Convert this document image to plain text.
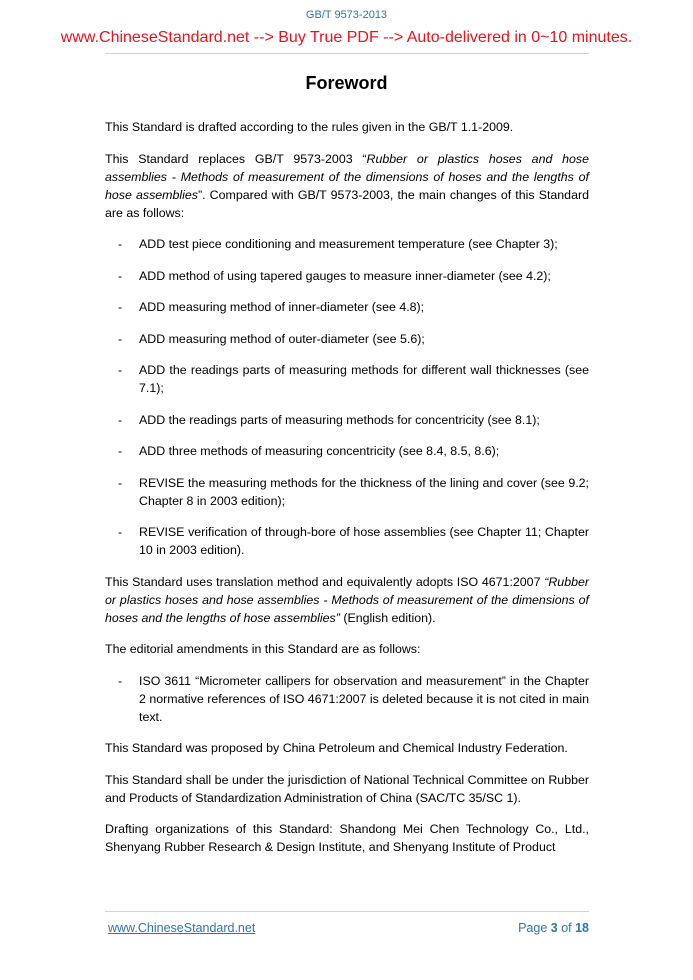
GB/T 9573-2013
www.ChineseStandard.net --> Buy True PDF --> Auto-delivered in 0~10 minutes.
Foreword

This Standard is drafted according to the rules given in the GB/T 1.1-2009.

This Standard replaces GB/T 9573-2003 “Rubber or plastics hoses and hose assemblies - Methods of measurement of the dimensions of hoses and the lengths of hose assemblies”. Compared with GB/T 9573-2003, the main changes of this Standard are as follows:

- ADD test piece conditioning and measurement temperature (see Chapter 3);
- ADD method of using tapered gauges to measure inner-diameter (see 4.2);
- ADD measuring method of inner-diameter (see 4.8);
- ADD measuring method of outer-diameter (see 5.6);
- ADD the readings parts of measuring methods for different wall thicknesses (see 7.1);
- ADD the readings parts of measuring methods for concentricity (see 8.1);
- ADD three methods of measuring concentricity (see 8.4, 8.5, 8.6);
- REVISE the measuring methods for the thickness of the lining and cover (see 9.2; Chapter 8 in 2003 edition);
- REVISE verification of through-bore of hose assemblies (see Chapter 11; Chapter 10 in 2003 edition).

This Standard uses translation method and equivalently adopts ISO 4671:2007 “Rubber or plastics hoses and hose assemblies - Methods of measurement of the dimensions of hoses and the lengths of hose assemblies” (English edition).

The editorial amendments in this Standard are as follows:

- ISO 3611 “Micrometer callipers for observation and measurement” in the Chapter 2 normative references of ISO 4671:2007 is deleted because it is not cited in main text.

This Standard was proposed by China Petroleum and Chemical Industry Federation.

This Standard shall be under the jurisdiction of National Technical Committee on Rubber and Products of Standardization Administration of China (SAC/TC 35/SC 1).

Drafting organizations of this Standard: Shandong Mei Chen Technology Co., Ltd., Shenyang Rubber Research & Design Institute, and Shenyang Institute of Product

www.ChineseStandard.net	Page 3 of 18
